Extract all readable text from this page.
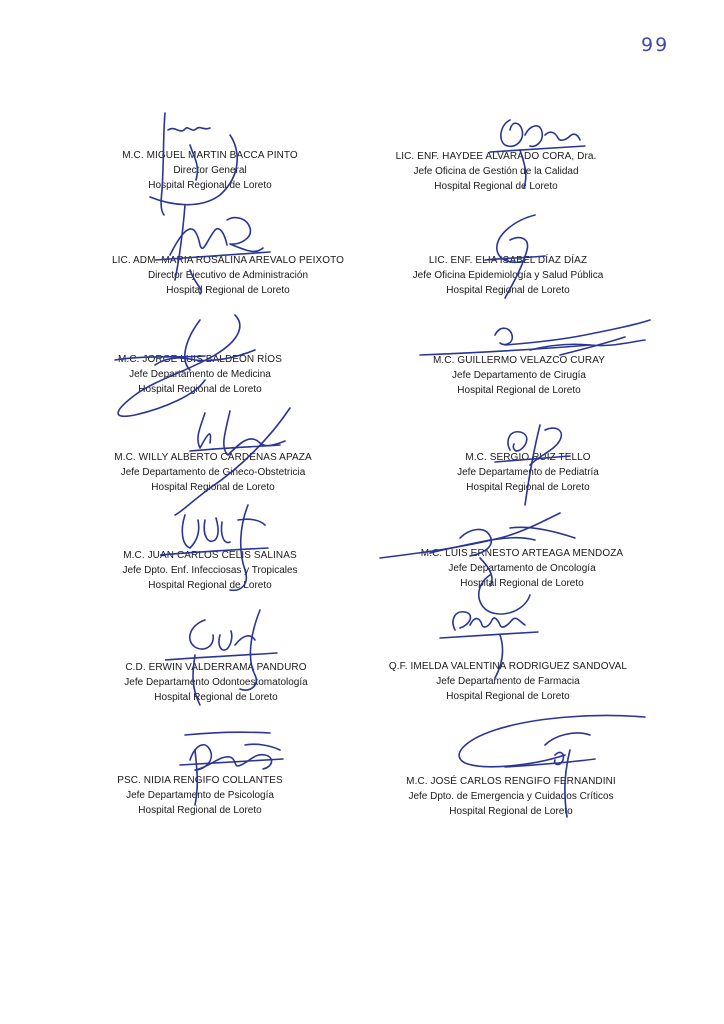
99
M.C. MIGUEL MARTIN BACCA PINTO
Director General
Hospital Regional de Loreto
LIC. ADM. MARIA ROSALINA AREVALO PEIXOTO
Director Ejecutivo de Administración
Hospital Regional de Loreto
M.C. JORGE LUIS BALDEÓN RÍOS
Jefe Departamento de Medicina
Hospital Regional de Loreto
M.C. WILLY ALBERTO CARDENAS APAZA
Jefe Departamento de Gineco-Obstetricia
Hospital Regional de Loreto
M.C. JUAN CARLOS CELIS SALINAS
Jefe Dpto. Enf. Infecciosas y Tropicales
Hospital Regional de Loreto
C.D. ERWIN VALDERRAMA PANDURO
Jefe Departamento Odontoestomatología
Hospital Regional de Loreto
PSC. NIDIA RENGIFO COLLANTES
Jefe Departamento de Psicología
Hospital Regional de Loreto
LIC. ENF. HAYDEE ALVARADO CORA, Dra.
Jefe Oficina de Gestión de la Calidad
Hospital Regional de Loreto
LIC. ENF. ELIA ISABEL DÍAZ DÍAZ
Jefe Oficina Epidemiología y Salud Pública
Hospital Regional de Loreto
M.C. GUILLERMO VELAZCO CURAY
Jefe Departamento de Cirugía
Hospital Regional de Loreto
M.C. SERGIO RUÍZ TELLO
Jefe Departamento de Pediatría
Hospital Regional de Loreto
M.C. LUIS ERNESTO ARTEAGA MENDOZA
Jefe Departamento de Oncología
Hospital Regional de Loreto
Q.F. IMELDA VALENTINA RODRIGUEZ SANDOVAL
Jefe Departamento de Farmacia
Hospital Regional de Loreto
M.C. JOSÉ CARLOS RENGIFO FERNANDINI
Jefe Dpto. de Emergencia y Cuidados Críticos
Hospital Regional de Loreto
